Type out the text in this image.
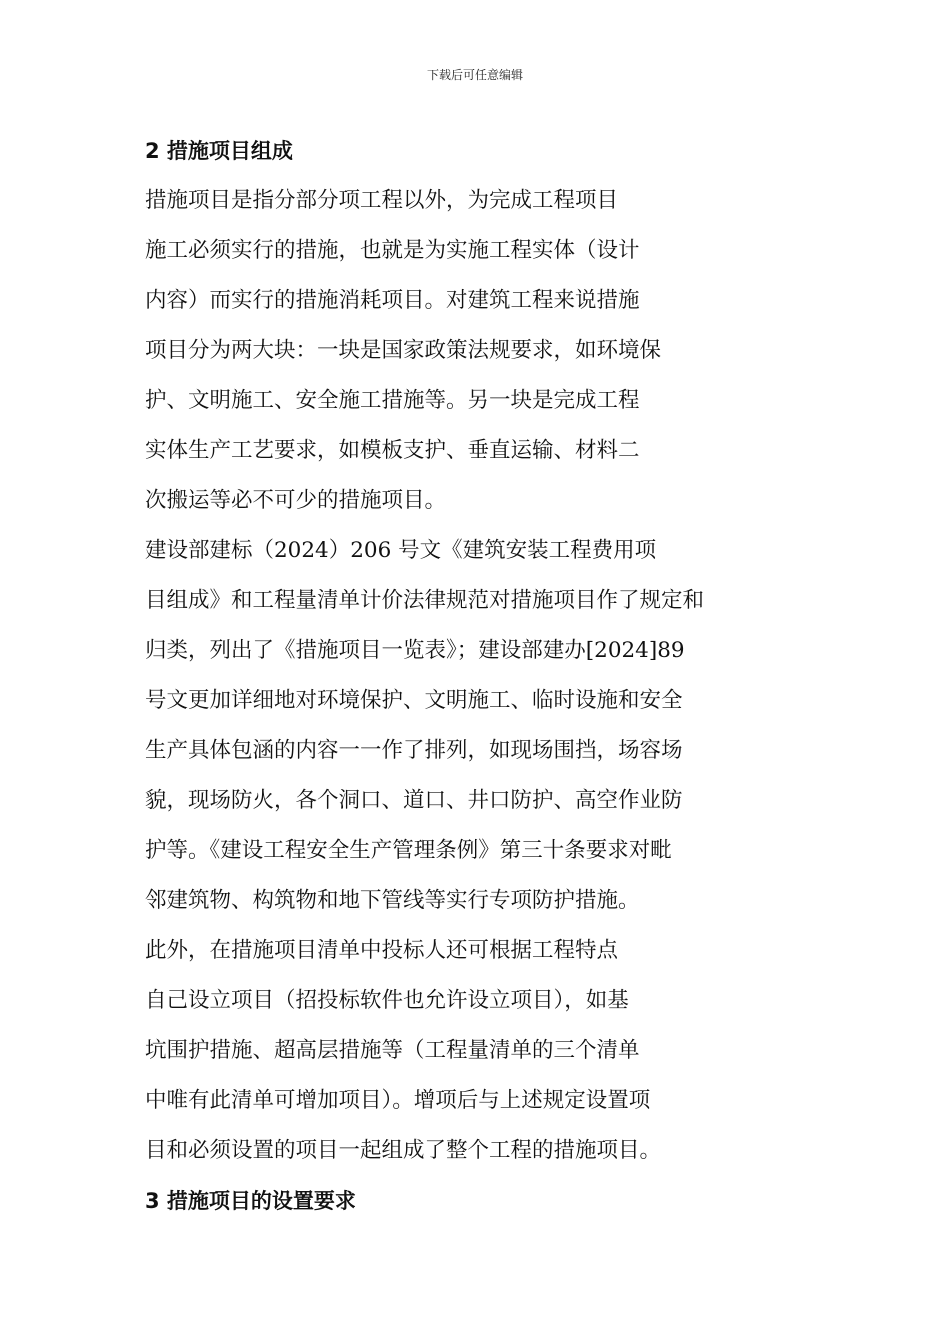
下载后可任意编辑
2 措施项目组成
措施项目是指分部分项工程以外，为完成工程项目
施工必须实行的措施，也就是为实施工程实体（设计
内容）而实行的措施消耗项目。对建筑工程来说措施
项目分为两大块：一块是国家政策法规要求，如环境保
护、文明施工、安全施工措施等。另一块是完成工程
实体生产工艺要求，如模板支护、垂直运输、材料二
次搬运等必不可少的措施项目。
建设部建标（2024）206 号文《建筑安装工程费用项
目组成》和工程量清单计价法律规范对措施项目作了规定和
归类，列出了《措施项目一览表》；建设部建办[2024]89
号文更加详细地对环境保护、文明施工、临时设施和安全
生产具体包涵的内容一一作了排列，如现场围挡，场容场
貌，现场防火，各个洞口、道口、井口防护、高空作业防
护等。《建设工程安全生产管理条例》第三十条要求对毗
邻建筑物、构筑物和地下管线等实行专项防护措施。
此外，在措施项目清单中投标人还可根据工程特点
自己设立项目（招投标软件也允许设立项目），如基
坑围护措施、超高层措施等（工程量清单的三个清单
中唯有此清单可增加项目）。增项后与上述规定设置项
目和必须设置的项目一起组成了整个工程的措施项目。
3 措施项目的设置要求
